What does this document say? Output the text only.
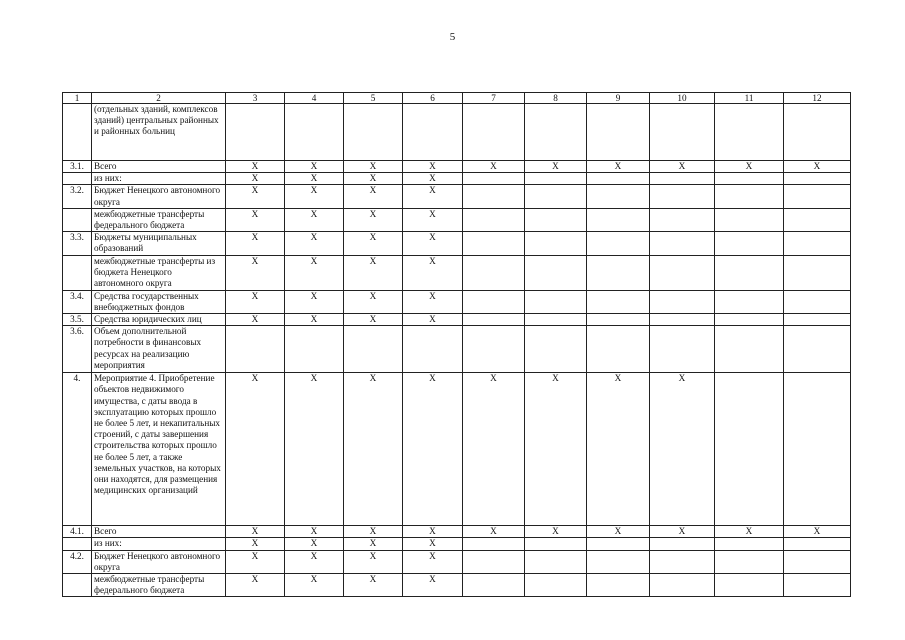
5
1	2	3	4	5	6	7	8	9	10	11	12
	(отдельных зданий, комплексов зданий) центральных районных и районных больниц										
3.1.	Всего	Х	Х	Х	Х	Х	Х	Х	Х	Х	Х
	из них:	Х	Х	Х	Х						
3.2.	Бюджет Ненецкого автономного округа	Х	Х	Х	Х						
	межбюджетные трансферты федерального бюджета	Х	Х	Х	Х						
3.3.	Бюджеты муниципальных образований	Х	Х	Х	Х						
	межбюджетные трансферты из бюджета Ненецкого автономного округа	Х	Х	Х	Х						
3.4.	Средства государственных внебюджетных фондов	Х	Х	Х	Х						
3.5.	Средства юридических лиц	Х	Х	Х	Х						
3.6.	Объем дополнительной потребности в финансовых ресурсах на реализацию мероприятия										
4.	Мероприятие 4. Приобретение объектов недвижимого имущества, с даты ввода в эксплуатацию которых прошло не более 5 лет, и некапитальных строений, с даты завершения строительства которых прошло не более 5 лет, а также земельных участков, на которых они находятся, для размещения медицинских организаций	Х	Х	Х	Х	Х	Х	Х	Х		
4.1.	Всего	Х	Х	Х	Х	Х	Х	Х	Х	Х	Х
	из них:	Х	Х	Х	Х						
4.2.	Бюджет Ненецкого автономного округа	Х	Х	Х	Х						
	межбюджетные трансферты федерального бюджета	Х	Х	Х	Х						
